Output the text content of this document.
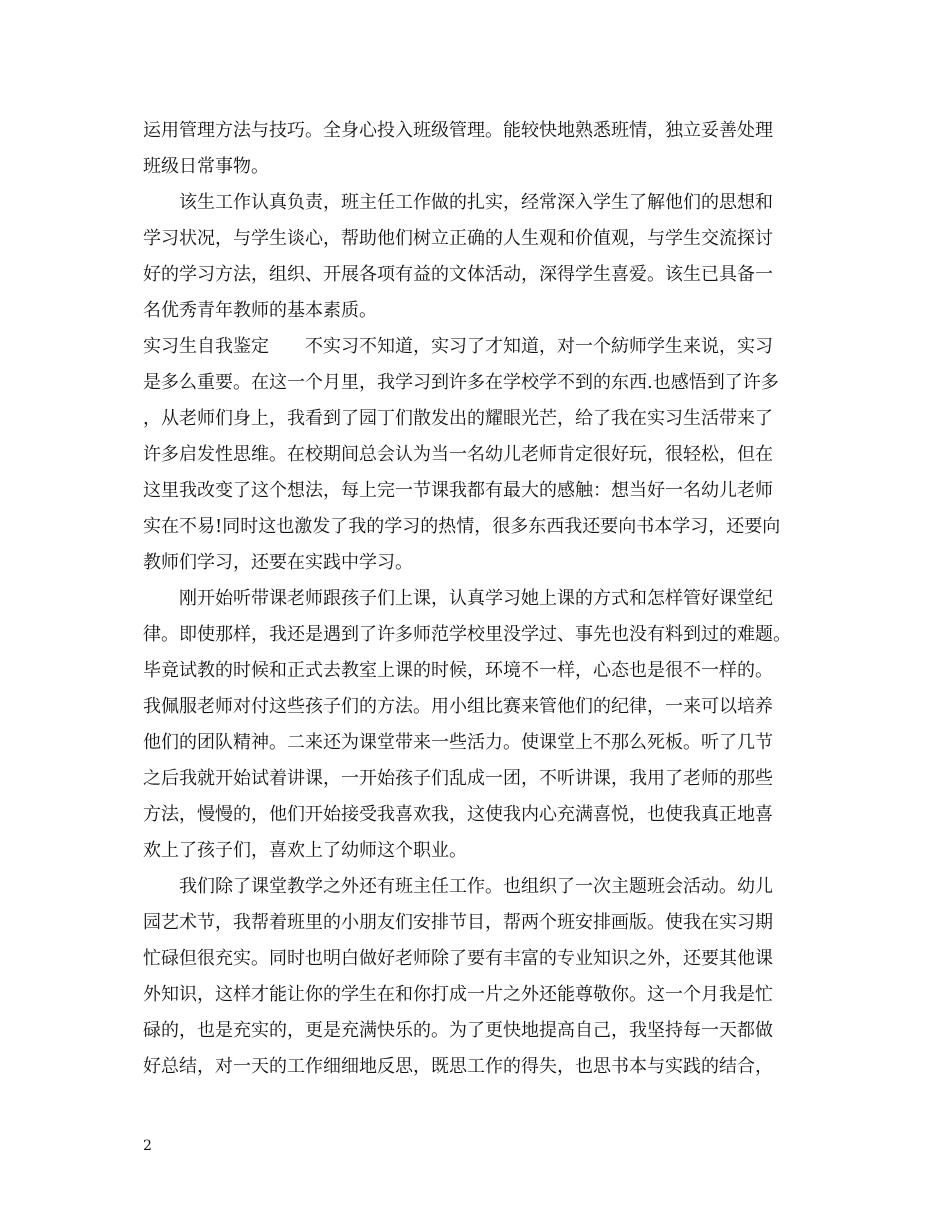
运用管理方法与技巧。全身心投入班级管理。能较快地熟悉班情，独立妥善处理
班级日常事物。
　　该生工作认真负责，班主任工作做的扎实，经常深入学生了解他们的思想和
学习状况，与学生谈心，帮助他们树立正确的人生观和价值观，与学生交流探讨
好的学习方法，组织、开展各项有益的文体活动，深得学生喜爱。该生已具备一
名优秀青年教师的基本素质。
实习生自我鉴定　　不实习不知道，实习了才知道，对一个紡师学生来说，实习
是多么重要。在这一个月里，我学习到许多在学校学不到的东西.也感悟到了许多
，从老师们身上，我看到了园丁们散发出的耀眼光芒，给了我在实习生活带来了
许多启发性思维。在校期间总会认为当一名幼儿老师肯定很好玩，很轻松，但在
这里我改变了这个想法，每上完一节课我都有最大的感触：想当好一名幼儿老师
实在不易!同时这也激发了我的学习的热情，很多东西我还要向书本学习，还要向
教师们学习，还要在实践中学习。
　　刚开始听带课老师跟孩子们上课，认真学习她上课的方式和怎样管好课堂纪
律。即使那样，我还是遇到了许多师范学校里没学过、事先也没有料到过的难题。
毕竟试教的时候和正式去教室上课的时候，环境不一样，心态也是很不一样的。
我佩服老师对付这些孩子们的方法。用小组比赛来管他们的纪律，一来可以培养
他们的团队精神。二来还为课堂带来一些活力。使课堂上不那么死板。听了几节
之后我就开始试着讲课，一开始孩子们乱成一团，不听讲课，我用了老师的那些
方法，慢慢的，他们开始接受我喜欢我，这使我内心充满喜悦，也使我真正地喜
欢上了孩子们，喜欢上了幼师这个职业。
　　我们除了课堂教学之外还有班主任工作。也组织了一次主题班会活动。幼儿
园艺术节，我帮着班里的小朋友们安排节目，帮两个班安排画版。使我在实习期
忙碌但很充实。同时也明白做好老师除了要有丰富的专业知识之外，还要其他课
外知识，这样才能让你的学生在和你打成一片之外还能尊敬你。这一个月我是忙
碌的，也是充实的，更是充满快乐的。为了更快地提高自己，我坚持每一天都做
好总结，对一天的工作细细地反思，既思工作的得失，也思书本与实践的结合，
2
